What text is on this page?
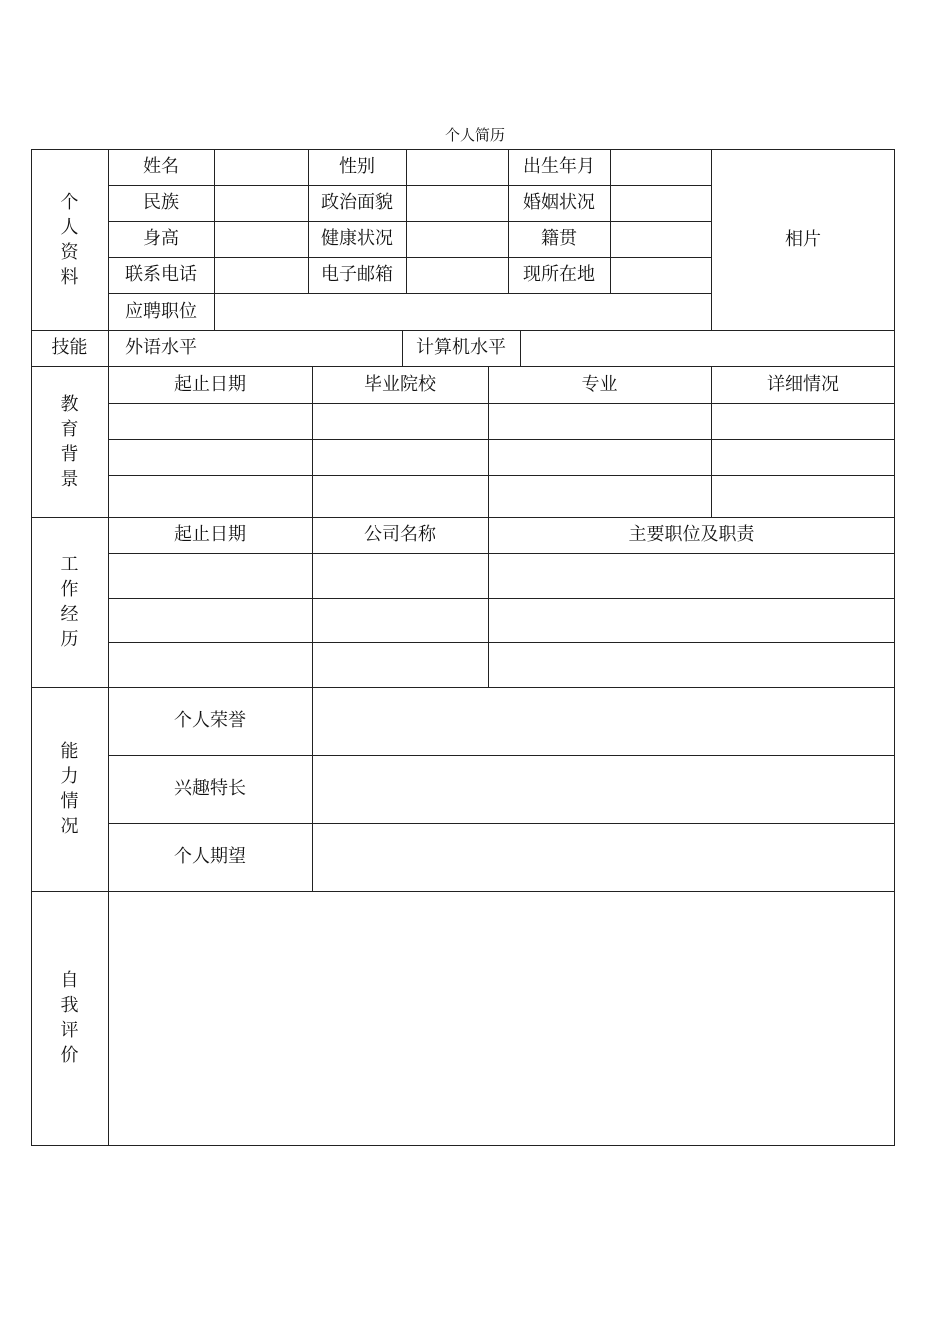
个人简历
个
人
资
料
姓名	性别	出生年月
民族	政治面貌	婚姻状况
身高	健康状况	籍贯
联系电话	电子邮箱	现所在地
应聘职位
相片
技能	外语水平	计算机水平
教
育
背
景
起止日期	毕业院校	专业	详细情况
工
作
经
历
起止日期	公司名称	主要职位及职责
能
力
情
况
个人荣誉
兴趣特长
个人期望
自
我
评
价
